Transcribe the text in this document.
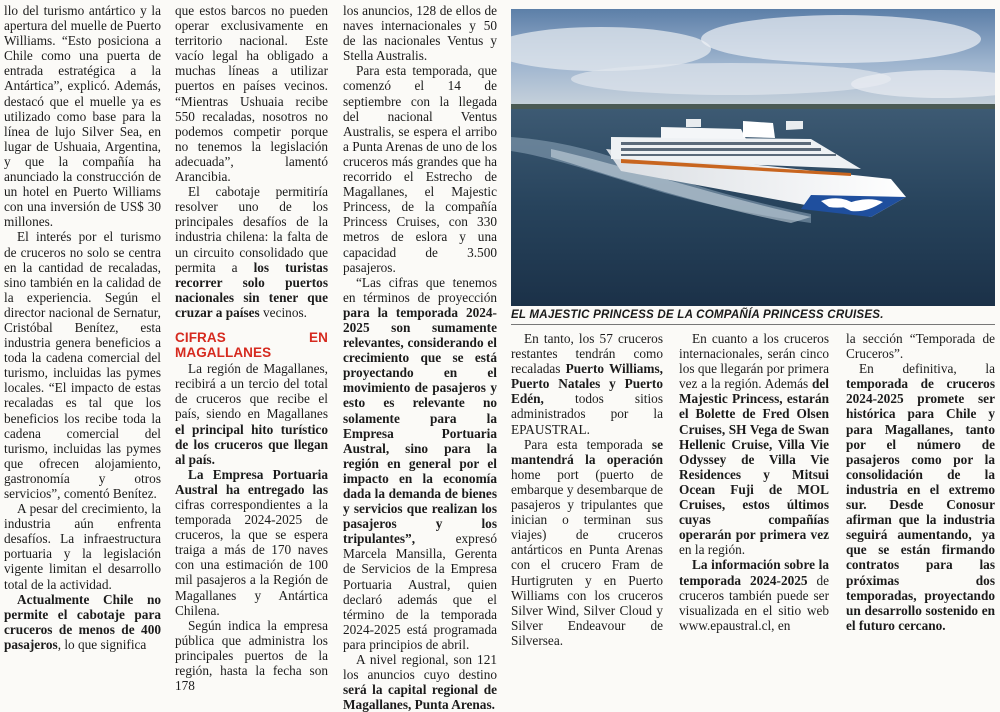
llo del turismo antártico y la apertura del muelle de Puerto Williams. “Esto posiciona a Chile como una puerta de entrada estratégica a la Antártica”, explicó. Además, destacó que el muelle ya es utilizado como base para la línea de lujo Silver Sea, en lugar de Ushuaia, Argentina, y que la compañía ha anunciado la construcción de un hotel en Puerto Williams con una inversión de US$ 30 millones.

El interés por el turismo de cruceros no solo se centra en la cantidad de recaladas, sino también en la calidad de la experiencia. Según el director nacional de Sernatur, Cristóbal Benítez, esta industria genera beneficios a toda la cadena comercial del turismo, incluidas las pymes locales. “El impacto de estas recaladas es tal que los beneficios los recibe toda la cadena comercial del turismo, incluidas las pymes que ofrecen alojamiento, gastronomía y otros servicios”, comentó Benítez.

A pesar del crecimiento, la industria aún enfrenta desafíos. La infraestructura portuaria y la legislación vigente limitan el desarrollo total de la actividad.

Actualmente Chile no permite el cabotaje para cruceros de menos de 400 pasajeros, lo que significa

que estos barcos no pueden operar exclusivamente en territorio nacional. Este vacío legal ha obligado a muchas líneas a utilizar puertos en países vecinos. “Mientras Ushuaia recibe 550 recaladas, nosotros no podemos competir porque no tenemos la legislación adecuada”, lamentó Arancibia.

El cabotaje permitiría resolver uno de los principales desafíos de la industria chilena: la falta de un circuito consolidado que permita a los turistas recorrer solo puertos nacionales sin tener que cruzar a países vecinos.

CIFRAS EN MAGALLANES

La región de Magallanes, recibirá a un tercio del total de cruceros que recibe el país, siendo en Magallanes el principal hito turístico de los cruceros que llegan al país.

La Empresa Portuaria Austral ha entregado las cifras correspondientes a la temporada 2024-2025 de cruceros, la que se espera traiga a más de 170 naves con una estimación de 100 mil pasajeros a la Región de Magallanes y Antártica Chilena.

Según indica la empresa pública que administra los principales puertos de la región, hasta la fecha son 178

los anuncios, 128 de ellos de naves internacionales y 50 de las nacionales Ventus y Stella Australis.

Para esta temporada, que comenzó el 14 de septiembre con la llegada del nacional Ventus Australis, se espera el arribo a Punta Arenas de uno de los cruceros más grandes que ha recorrido el Estrecho de Magallanes, el Majestic Princess, de la compañía Princess Cruises, con 330 metros de eslora y una capacidad de 3.500 pasajeros.

“Las cifras que tenemos en términos de proyección para la temporada 2024-2025 son sumamente relevantes, considerando el crecimiento que se está proyectando en el movimiento de pasajeros y esto es relevante no solamente para la Empresa Portuaria Austral, sino para la región en general por el impacto en la economía dada la demanda de bienes y servicios que realizan los pasajeros y los tripulantes”, expresó Marcela Mansilla, Gerenta de Servicios de la Empresa Portuaria Austral, quien declaró además que el término de la temporada 2024-2025 está programada para principios de abril.

A nivel regional, son 121 los anuncios cuyo destino será la capital regional de Magallanes, Punta Arenas.

EL MAJESTIC PRINCESS DE LA COMPAÑÍA PRINCESS CRUISES.

En tanto, los 57 cruceros restantes tendrán como recaladas Puerto Williams, Puerto Natales y Puerto Edén, todos sitios administrados por la EPAUSTRAL.

Para esta temporada se mantendrá la operación home port (puerto de embarque y desembarque de pasajeros y tripulantes que inician o terminan sus viajes) de cruceros antárticos en Punta Arenas con el crucero Fram de Hurtigruten y en Puerto Williams con los cruceros Silver Wind, Silver Cloud y Silver Endeavour de Silversea.

En cuanto a los cruceros internacionales, serán cinco los que llegarán por primera vez a la región. Además del Majestic Princess, estarán el Bolette de Fred Olsen Cruises, SH Vega de Swan Hellenic Cruise, Villa Vie Odyssey de Villa Vie Residences y Mitsui Ocean Fuji de MOL Cruises, estos últimos cuyas compañías operarán por primera vez en la región.

La información sobre la temporada 2024-2025 de cruceros también puede ser visualizada en el sitio web www.epaustral.cl, en

la sección “Temporada de Cruceros”.

En definitiva, la temporada de cruceros 2024-2025 promete ser histórica para Chile y para Magallanes, tanto por el número de pasajeros como por la consolidación de la industria en el extremo sur. Desde Conosur afirman que la industria seguirá aumentando, ya que se están firmando contratos para las próximas dos temporadas, proyectando un desarrollo sostenido en el futuro cercano.
